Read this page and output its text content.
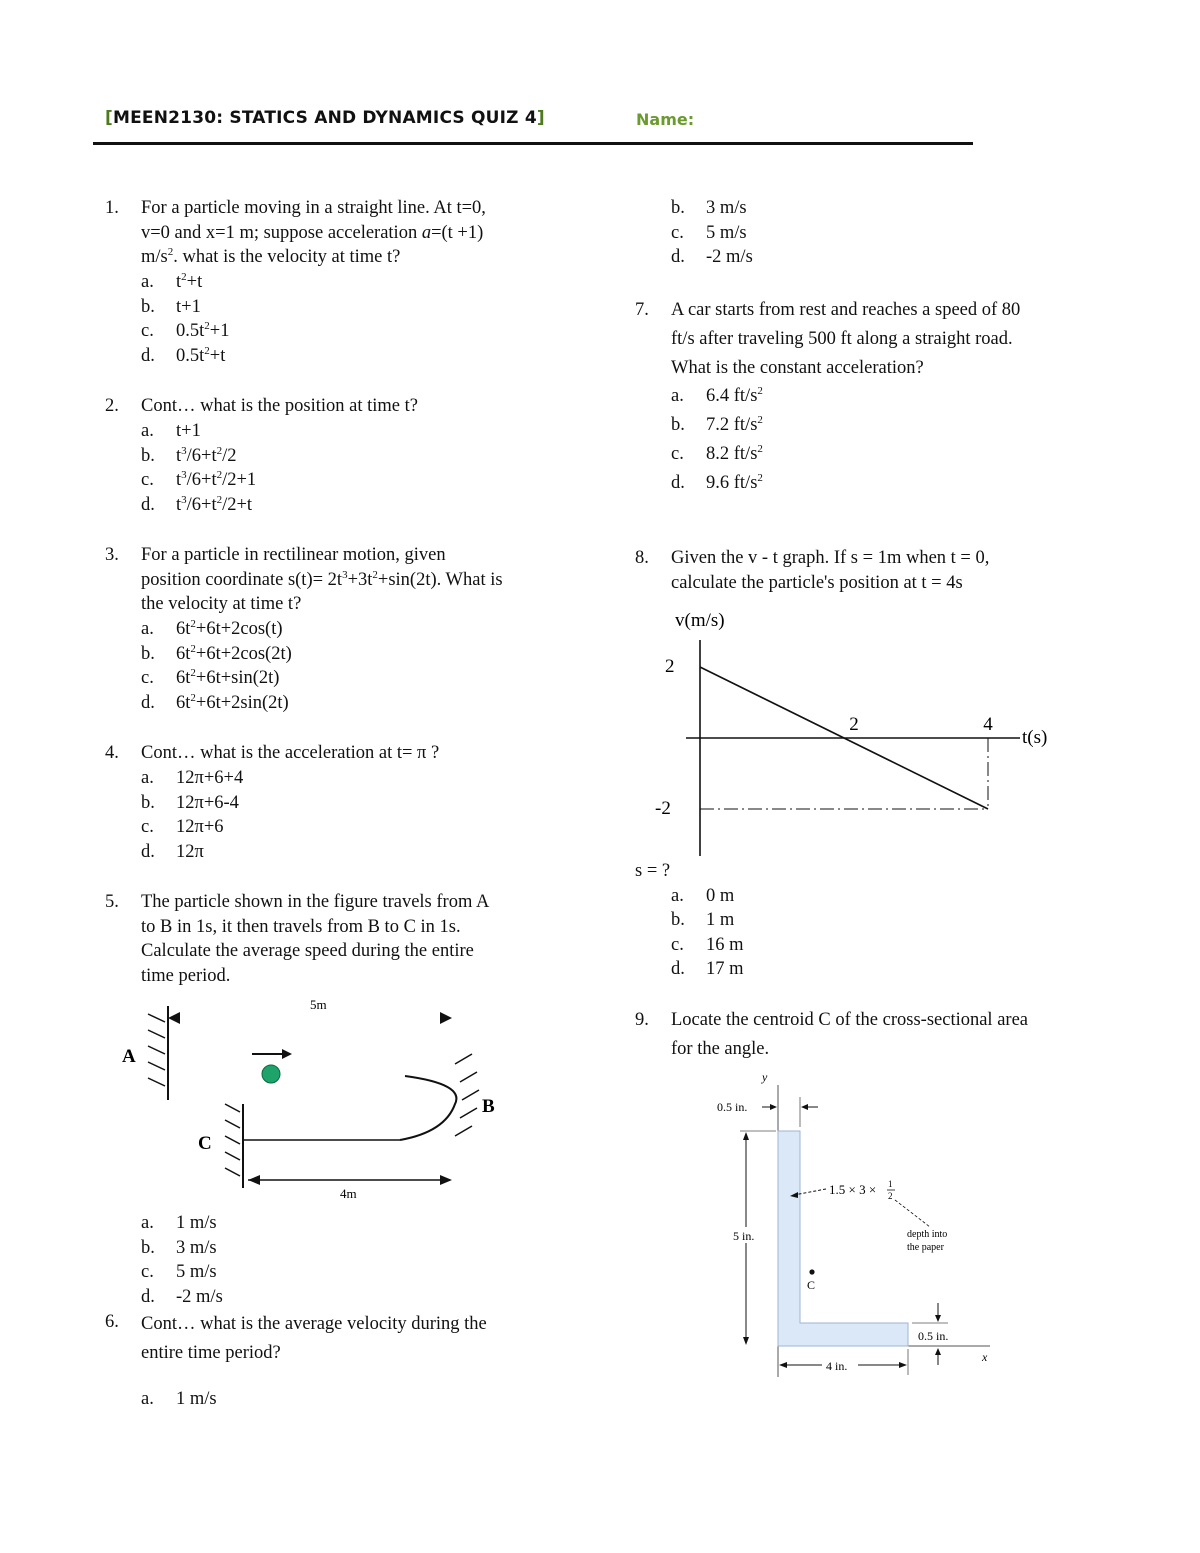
[MEEN2130: STATICS AND DYNAMICS QUIZ 4]	Name:
1. For a particle moving in a straight line. At t=0,
v=0 and x=1 m; suppose acceleration a=(t +1)
$m/s^2$. what is the velocity at time t?
a. $t^2+t$
b. t+1
c. $0.5t^2+1$
d. $0.5t^2+t$
2. Cont… what is the position at time t?
a. t+1
b. $t^3/6+t^2/2$
c. $t^3/6+t^2/2+1$
d. $t^3/6+t^2/2+t$
3. For a particle in rectilinear motion, given
position coordinate $s(t)= 2t^3+3t^2+\sin(2t)$. What is
the velocity at time t?
a. $6t^2+6t+2\cos(t)$
b. $6t^2+6t+2\cos(2t)$
c. $6t^2+6t+\sin(2t)$
d. $6t^2+6t+2\sin(2t)$
4. Cont… what is the acceleration at t= π ?
a. 12π+6+4
b. 12π+6-4
c. 12π+6
d. 12π
5. The particle shown in the figure travels from A
to B in 1s, it then travels from B to C in 1s.
Calculate the average speed during the entire
time period.
5m
A
B
C
4m
a. 1 m/s
b. 3 m/s
c. 5 m/s
d. -2 m/s
6. Cont… what is the average velocity during the
entire time period?
a. 1 m/s
b. 3 m/s
c. 5 m/s
d. -2 m/s
7. A car starts from rest and reaches a speed of 80
ft/s after traveling 500 ft along a straight road.
What is the constant acceleration?
a. 6.4 $ft/s^2$
b. 7.2 $ft/s^2$
c. 8.2 $ft/s^2$
d. 9.6 $ft/s^2$
8. Given the v - t graph. If s = 1m when t = 0,
calculate the particle's position at t = 4s
v(m/s)
t(s)
2
-2
2	4
s = ?
a. 0 m
b. 1 m
c. 16 m
d. 17 m
9. Locate the centroid C of the cross-sectional area
for the angle.
y
x
0.5 in.
5 in.
1.5 × 3 × 1
2
depth into
the paper
C
0.5 in.
4 in.
